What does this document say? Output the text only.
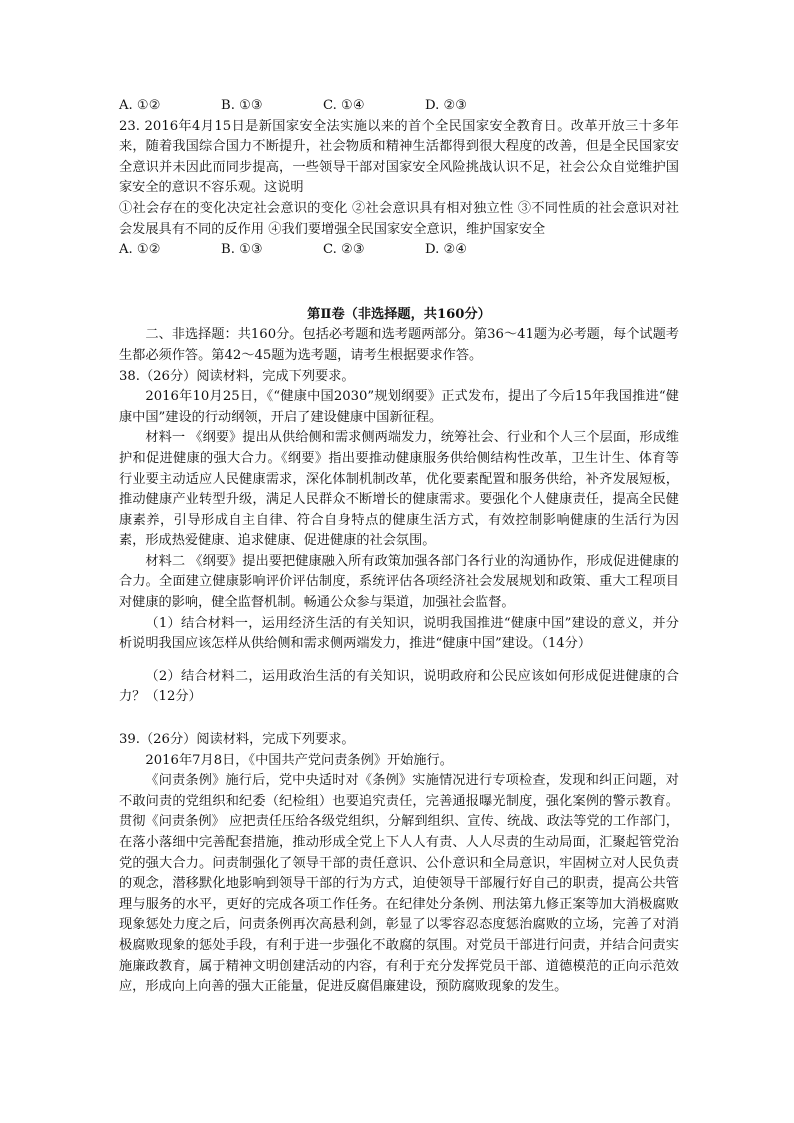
A. ①②	B. ①③	C. ①④	D. ②③
23. 2016年4月15日是新国家安全法实施以来的首个全民国家安全教育日。改革开放三十多年来，随着我国综合国力不断提升，社会物质和精神生活都得到很大程度的改善，但是全民国家安全意识并未因此而同步提高，一些领导干部对国家安全风险挑战认识不足，社会公众自觉维护国家安全的意识不容乐观。这说明
①社会存在的变化决定社会意识的变化 ②社会意识具有相对独立性 ③不同性质的社会意识对社会发展具有不同的反作用 ④我们要增强全民国家安全意识，维护国家安全
A. ①②	B. ①③	C. ②③	D. ②④
第Ⅱ卷（非选择题，共160分）
二、非选择题：共160分。包括必考题和选考题两部分。第36～41题为必考题，每个试题考生都必须作答。第42～45题为选考题，请考生根据要求作答。
38.（26分）阅读材料，完成下列要求。
2016年10月25日，《“健康中国2030”规划纲要》正式发布，提出了今后15年我国推进“健康中国”建设的行动纲领，开启了建设健康中国新征程。
材料一 《纲要》提出从供给侧和需求侧两端发力，统筹社会、行业和个人三个层面，形成维护和促进健康的强大合力。《纲要》指出要推动健康服务供给侧结构性改革，卫生计生、体育等行业要主动适应人民健康需求，深化体制机制改革，优化要素配置和服务供给，补齐发展短板，推动健康产业转型升级，满足人民群众不断增长的健康需求。要强化个人健康责任，提高全民健康素养，引导形成自主自律、符合自身特点的健康生活方式，有效控制影响健康的生活行为因素，形成热爱健康、追求健康、促进健康的社会氛围。
材料二 《纲要》提出要把健康融入所有政策加强各部门各行业的沟通协作，形成促进健康的合力。全面建立健康影响评价评估制度，系统评估各项经济社会发展规划和政策、重大工程项目对健康的影响，健全监督机制。畅通公众参与渠道，加强社会监督。
（1）结合材料一，运用经济生活的有关知识，说明我国推进“健康中国”建设的意义，并分析说明我国应该怎样从供给侧和需求侧两端发力，推进“健康中国”建设。（14分）
（2）结合材料二，运用政治生活的有关知识，说明政府和公民应该如何形成促进健康的合力？（12分）
39.（26分）阅读材料，完成下列要求。
2016年7月8日，《中国共产党问责条例》开始施行。
《问责条例》施行后，党中央适时对《条例》实施情况进行专项检查，发现和纠正问题，对不敢问责的党组织和纪委（纪检组）也要追究责任，完善通报曝光制度，强化案例的警示教育。贯彻《问责条例》 应把责任压给各级党组织，分解到组织、宣传、统战、政法等党的工作部门，在落小落细中完善配套措施，推动形成全党上下人人有责、人人尽责的生动局面，汇聚起管党治党的强大合力。问责制强化了领导干部的责任意识、公仆意识和全局意识，牢固树立对人民负责的观念，潜移默化地影响到领导干部的行为方式，迫使领导干部履行好自己的职责，提高公共管理与服务的水平，更好的完成各项工作任务。在纪律处分条例、刑法第九修正案等加大消极腐败现象惩处力度之后，问责条例再次高悬利剑，彰显了以零容忍态度惩治腐败的立场，完善了对消极腐败现象的惩处手段，有利于进一步强化不敢腐的氛围。对党员干部进行问责，并结合问责实施廉政教育，属于精神文明创建活动的内容，有利于充分发挥党员干部、道德模范的正向示范效应，形成向上向善的强大正能量，促进反腐倡廉建设，预防腐败现象的发生。
